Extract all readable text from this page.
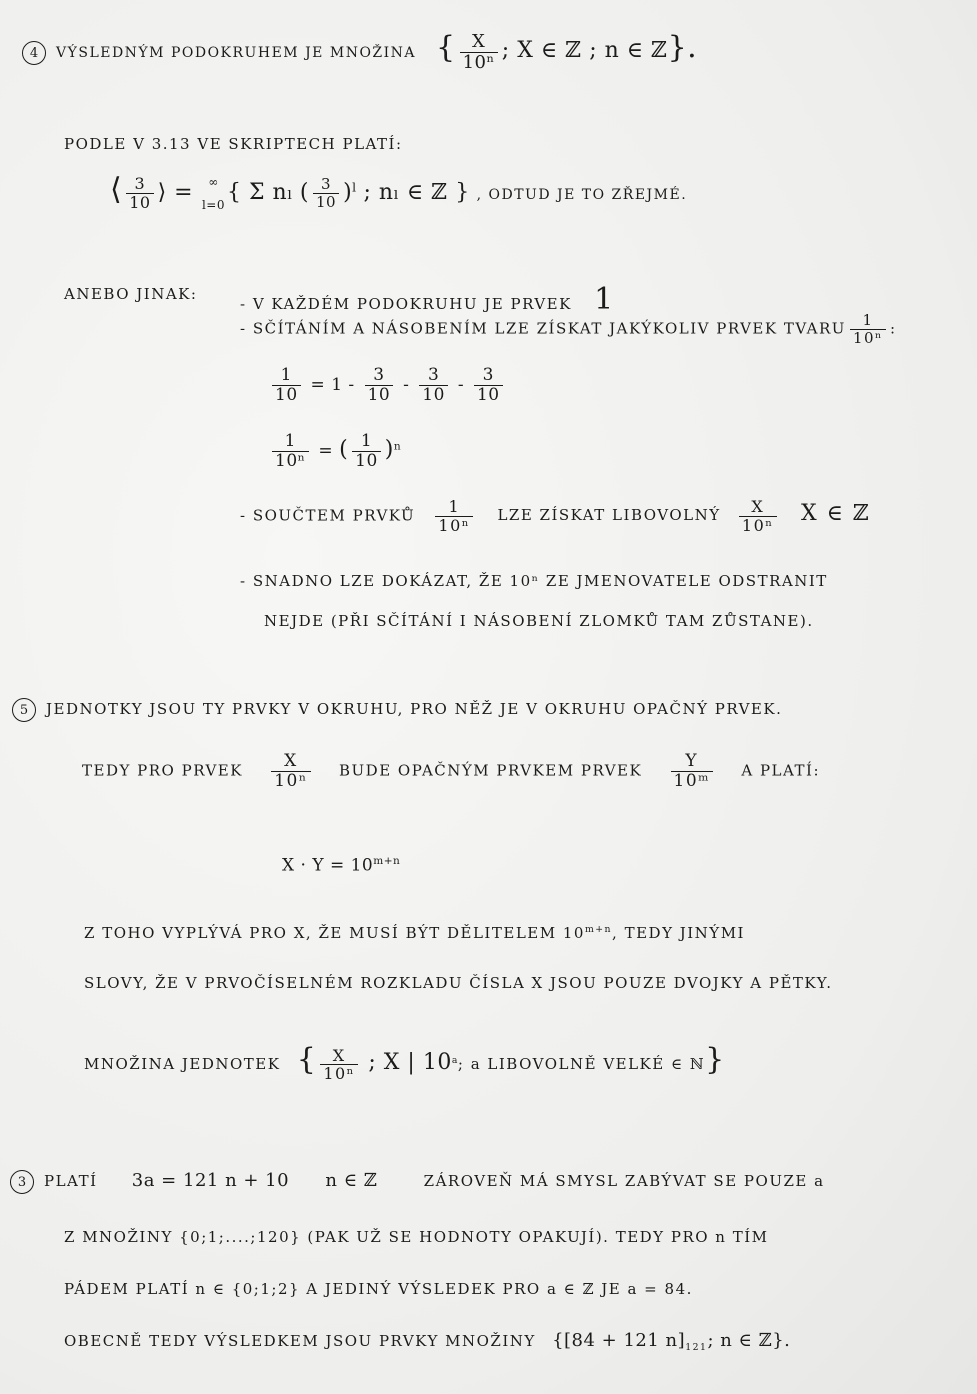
4 VÝSLEDNÝM PODOKRUHEM JE MNOŽINA { $\frac{X}{\text{10ⁿ}}$ ; X ∈ ℤ ; n ∈ ℤ}.
PODLE V 3.13 VE SKRIPTECH PLATÍ:
⟨ $\frac{3}{10}$ ⟩ = ∞
l=0 { Σ nₗ ( $\frac{3}{10} )^l$ ; nₗ ∈ ℤ } , ODTUD JE TO ZŘEJMÉ.
ANEBO JINAK:
- V KAŽDÉM PODOKRUHU JE PRVEK 1
- SČÍTÁNÍM A NÁSOBENÍM LZE ZÍSKAT JAKÝKOLIV PRVEK TVARU $\frac{1}{\text{10ⁿ}}$ :
$\frac{1}{10} = 1 - \frac{3}{10} - \frac{3}{10} - \frac{3}{10}$
$\frac{1}{\text{10ⁿ}}$ = ( $\frac{1}{10} )^n$
- SOUČTEM PRVKŮ $\frac{1}{\text{10ⁿ}}$ LZE ZÍSKAT LIBOVOLNÝ $\frac{X}{\text{10ⁿ}}$ X ∈ ℤ
- SNADNO LZE DOKÁZAT, ŽE 10ⁿ ZE JMENOVATELE ODSTRANIT
NEJDE (PŘI SČÍTÁNÍ I NÁSOBENÍ ZLOMKŮ TAM ZŮSTANE).
5 JEDNOTKY JSOU TY PRVKY V OKRUHU, PRO NĚŽ JE V OKRUHU OPAČNÝ PRVEK.
TEDY PRO PRVEK $\frac{X}{\text{10ⁿ}}$ BUDE OPAČNÝM PRVKEM PRVEK $\frac{Y}{\text{10ᵐ}}$ A PLATÍ:
$X \cdot Y = 10^{m+n}$
Z TOHO VYPLÝVÁ PRO X, ŽE MUSÍ BÝT DĚLITELEM $10^{m+n}$, TEDY JINÝMI
SLOVY, ŽE V PRVOČÍSELNÉM ROZKLADU ČÍSLA X JSOU POUZE DVOJKY A PĚTKY.
MNOŽINA JEDNOTEK { $\frac{X}{\text{10ⁿ}}$ ; X | 10$^a$; a LIBOVOLNĚ VELKÉ ∈ ℕ}
3 PLATÍ 3a = 121 n + 10 n ∈ ℤ	ZÁROVEŇ MÁ SMYSL ZABÝVAT SE POUZE a
Z MNOŽINY {0;1;....;120} (PAK UŽ SE HODNOTY OPAKUJÍ). TEDY PRO n TÍM
PÁDEM PLATÍ n ∈ {0;1;2} A JEDINÝ VÝSLEDEK PRO a ∈ ℤ JE a = 84.
OBECNĚ TEDY VÝSLEDKEM JSOU PRVKY MNOŽINY {[84 + 121 $n]_{121}$; n ∈ ℤ}.
